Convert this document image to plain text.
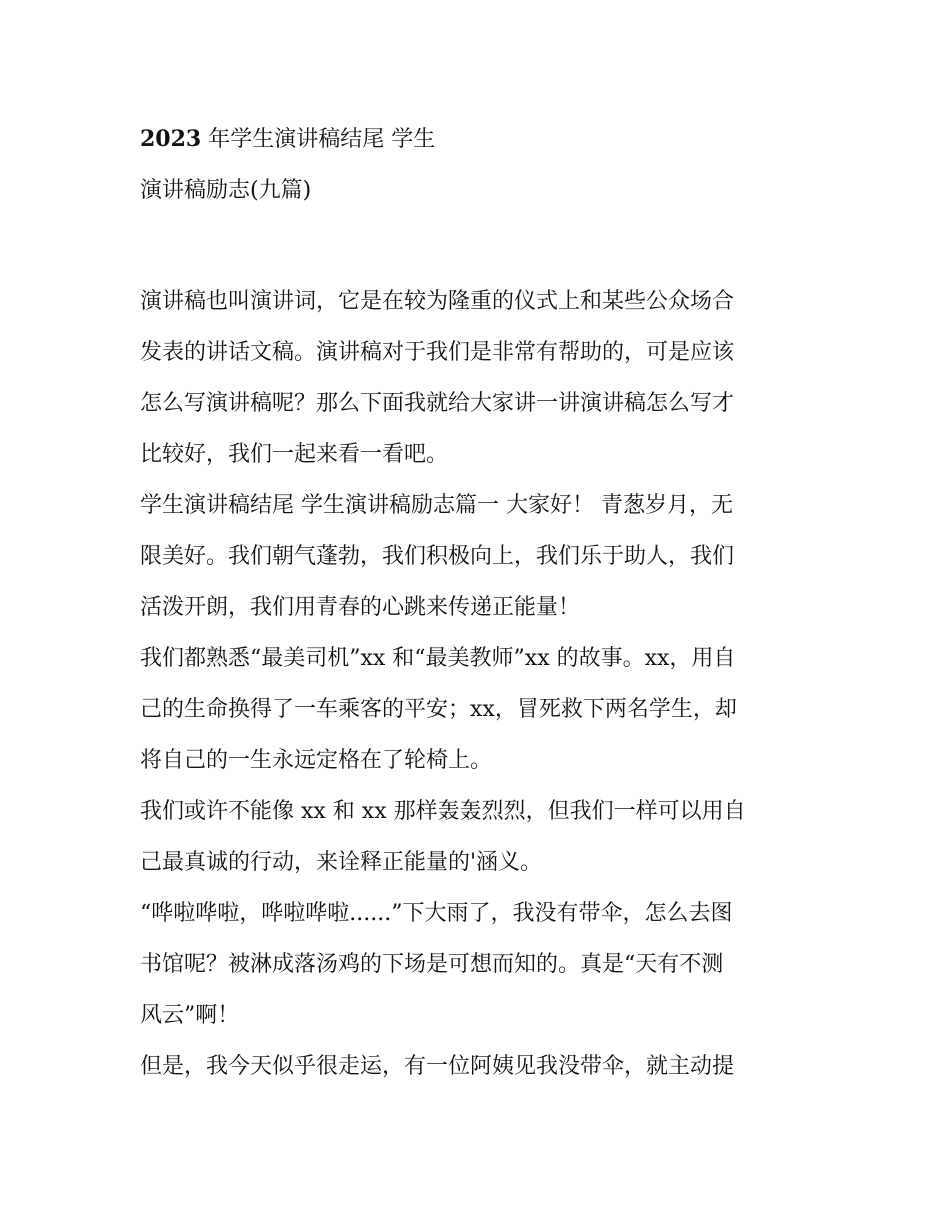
2023 年学生演讲稿结尾 学生
演讲稿励志(九篇)
演讲稿也叫演讲词，它是在较为隆重的仪式上和某些公众场合
发表的讲话文稿。演讲稿对于我们是非常有帮助的，可是应该
怎么写演讲稿呢？那么下面我就给大家讲一讲演讲稿怎么写才
比较好，我们一起来看一看吧。
学生演讲稿结尾 学生演讲稿励志篇一 大家好！ 青葱岁月，无
限美好。我们朝气蓬勃，我们积极向上，我们乐于助人，我们
活泼开朗，我们用青春的心跳来传递正能量！
我们都熟悉“最美司机”xx 和“最美教师”xx 的故事。xx，用自
己的生命换得了一车乘客的平安；xx，冒死救下两名学生，却
将自己的一生永远定格在了轮椅上。
我们或许不能像 xx 和 xx 那样轰轰烈烈，但我们一样可以用自
己最真诚的行动，来诠释正能量的'涵义。
“哗啦哗啦，哗啦哗啦......”下大雨了，我没有带伞，怎么去图
书馆呢？被淋成落汤鸡的下场是可想而知的。真是“天有不测
风云”啊！
但是，我今天似乎很走运，有一位阿姨见我没带伞，就主动提
